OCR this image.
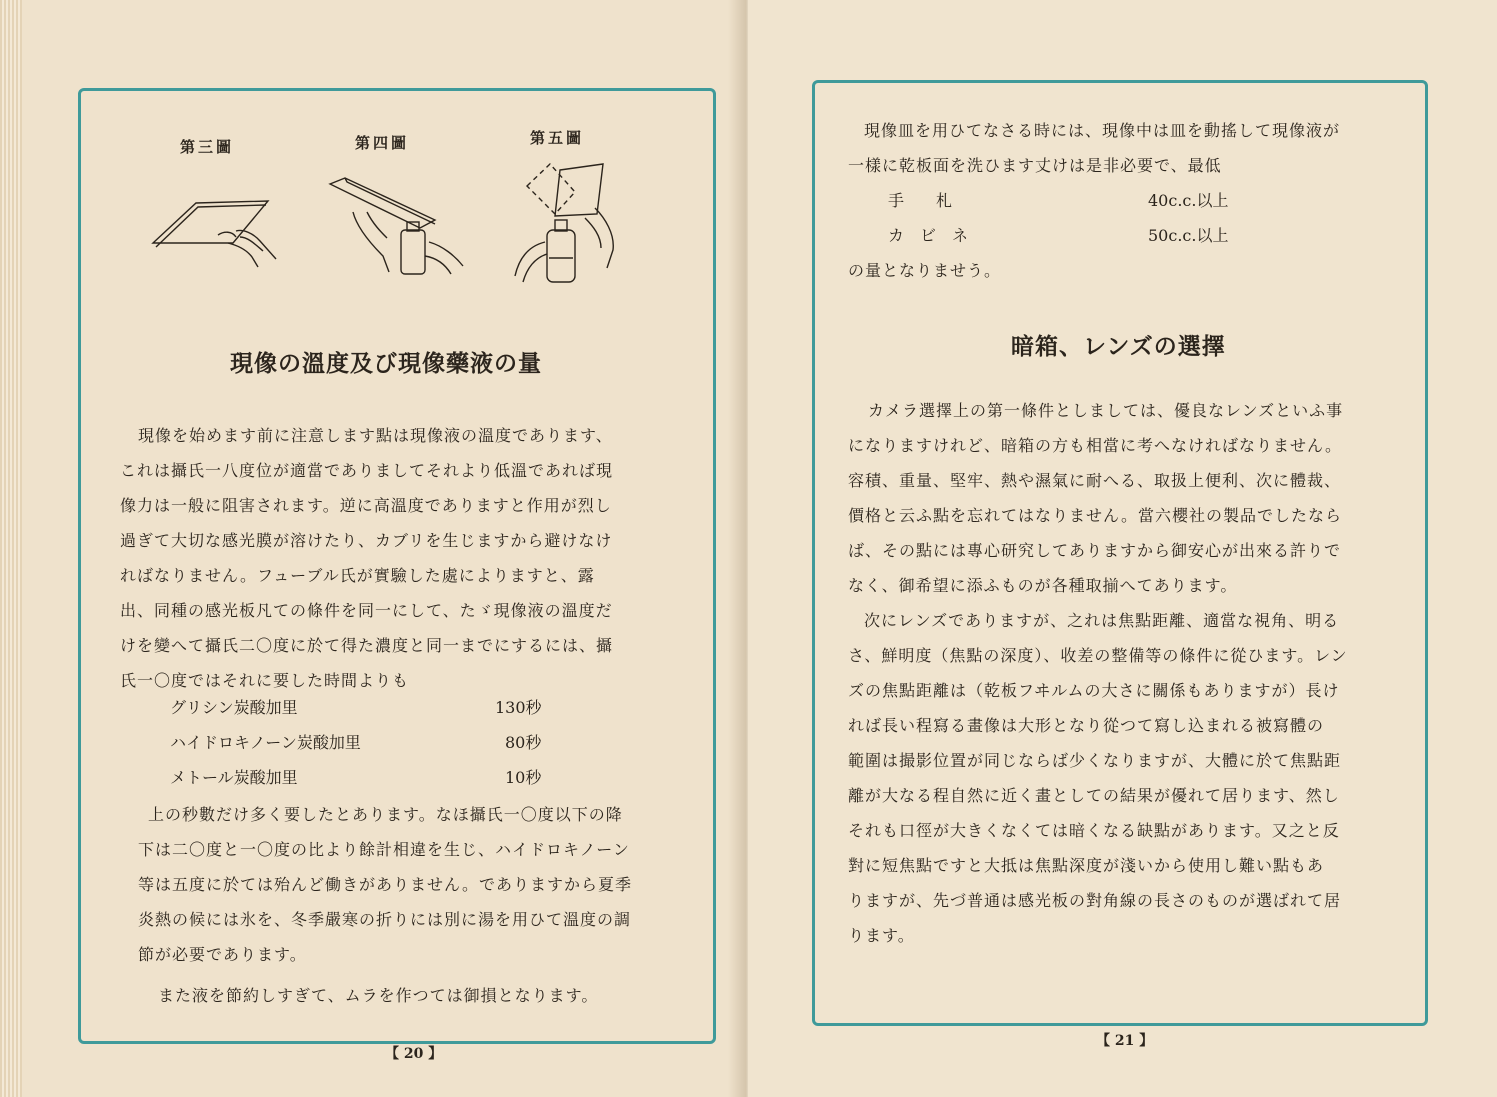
第三圖	第四圖	第五圖
現像の溫度及び現像藥液の量
現像を始めます前に注意します點は現像液の溫度であります、
これは攝氏一八度位が適當でありましてそれより低溫であれば現
像力は一般に阻害されます。逆に高溫度でありますと作用が烈し
過ぎて大切な感光膜が溶けたり、カブリを生じますから避けなけ
ればなりません。フューブル氏が實驗した處によりますと、露
出、同種の感光板凡ての條件を同一にして、たゞ現像液の溫度だ
けを變へて攝氏二〇度に於て得た濃度と同一までにするには、攝
氏一〇度ではそれに要した時間よりも
グリシン炭酸加里	130秒
ハイドロキノーン炭酸加里	80秒
メトール炭酸加里	10秒
上の秒數だけ多く要したとあります。なほ攝氏一〇度以下の降
下は二〇度と一〇度の比より餘計相違を生じ、ハイドロキノーン
等は五度に於ては殆んど働きがありません。でありますから夏季
炎熱の候には氷を、冬季嚴寒の折りには別に湯を用ひて溫度の調
節が必要であります。
また液を節約しすぎて、ムラを作つては御損となります。
【 20 】
現像皿を用ひてなさる時には、現像中は皿を動搖して現像液が
一樣に乾板面を洗ひます丈けは是非必要で、最低
手　　札	40c.c.以上
カ　ビ　ネ	50c.c.以上
の量となりませう。
暗箱、レンズの選擇
カメラ選擇上の第一條件としましては、優良なレンズといふ事
になりますけれど、暗箱の方も相當に考へなければなりません。
容積、重量、堅牢、熱や濕氣に耐へる、取扱上便利、次に體裁、
價格と云ふ點を忘れてはなりません。當六櫻社の製品でしたなら
ば、その點には專心研究してありますから御安心が出來る許りで
なく、御希望に添ふものが各種取揃へてあります。
次にレンズでありますが、之れは焦點距離、適當な視角、明る
さ、鮮明度（焦點の深度）、收差の整備等の條件に從ひます。レン
ズの焦點距離は（乾板フヰルムの大さに關係もありますが）長け
れば長い程寫る畫像は大形となり從つて寫し込まれる被寫體の
範圍は撮影位置が同じならば少くなりますが、大體に於て焦點距
離が大なる程自然に近く畫としての結果が優れて居ります、然し
それも口徑が大きくなくては暗くなる缺點があります。又之と反
對に短焦點ですと大抵は焦點深度が淺いから使用し難い點もあ
りますが、先づ普通は感光板の對角線の長さのものが選ばれて居
ります。
【 21 】
